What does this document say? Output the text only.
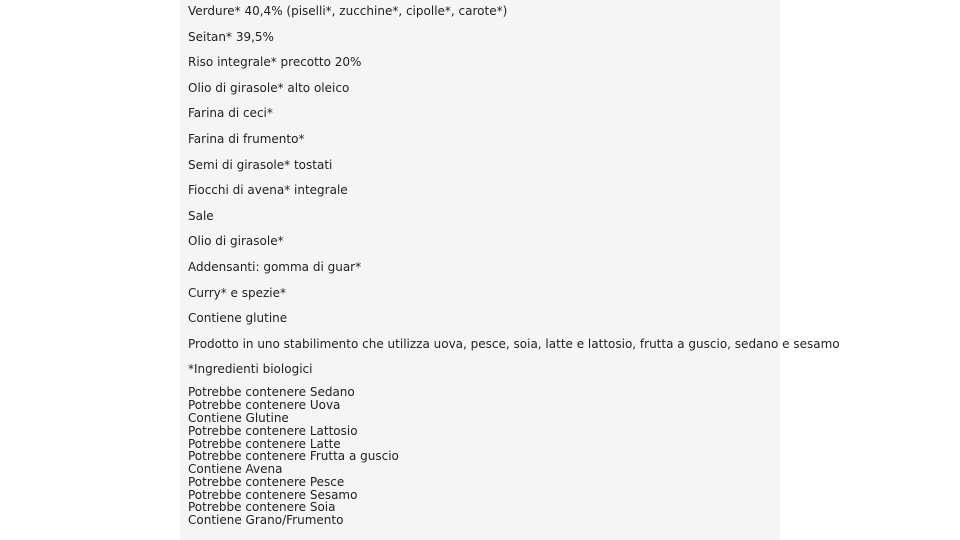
Verdure* 40,4% (piselli*, zucchine*, cipolle*, carote*)
Seitan* 39,5%
Riso integrale* precotto 20%
Olio di girasole* alto oleico
Farina di ceci*
Farina di frumento*
Semi di girasole* tostati
Fiocchi di avena* integrale
Sale
Olio di girasole*
Addensanti: gomma di guar*
Curry* e spezie*
Contiene glutine
Prodotto in uno stabilimento che utilizza uova, pesce, soia, latte e lattosio, frutta a guscio, sedano e sesamo
*Ingredienti biologici
Potrebbe contenere Sedano
Potrebbe contenere Uova
Contiene Glutine
Potrebbe contenere Lattosio
Potrebbe contenere Latte
Potrebbe contenere Frutta a guscio
Contiene Avena
Potrebbe contenere Pesce
Potrebbe contenere Sesamo
Potrebbe contenere Soia
Contiene Grano/Frumento
